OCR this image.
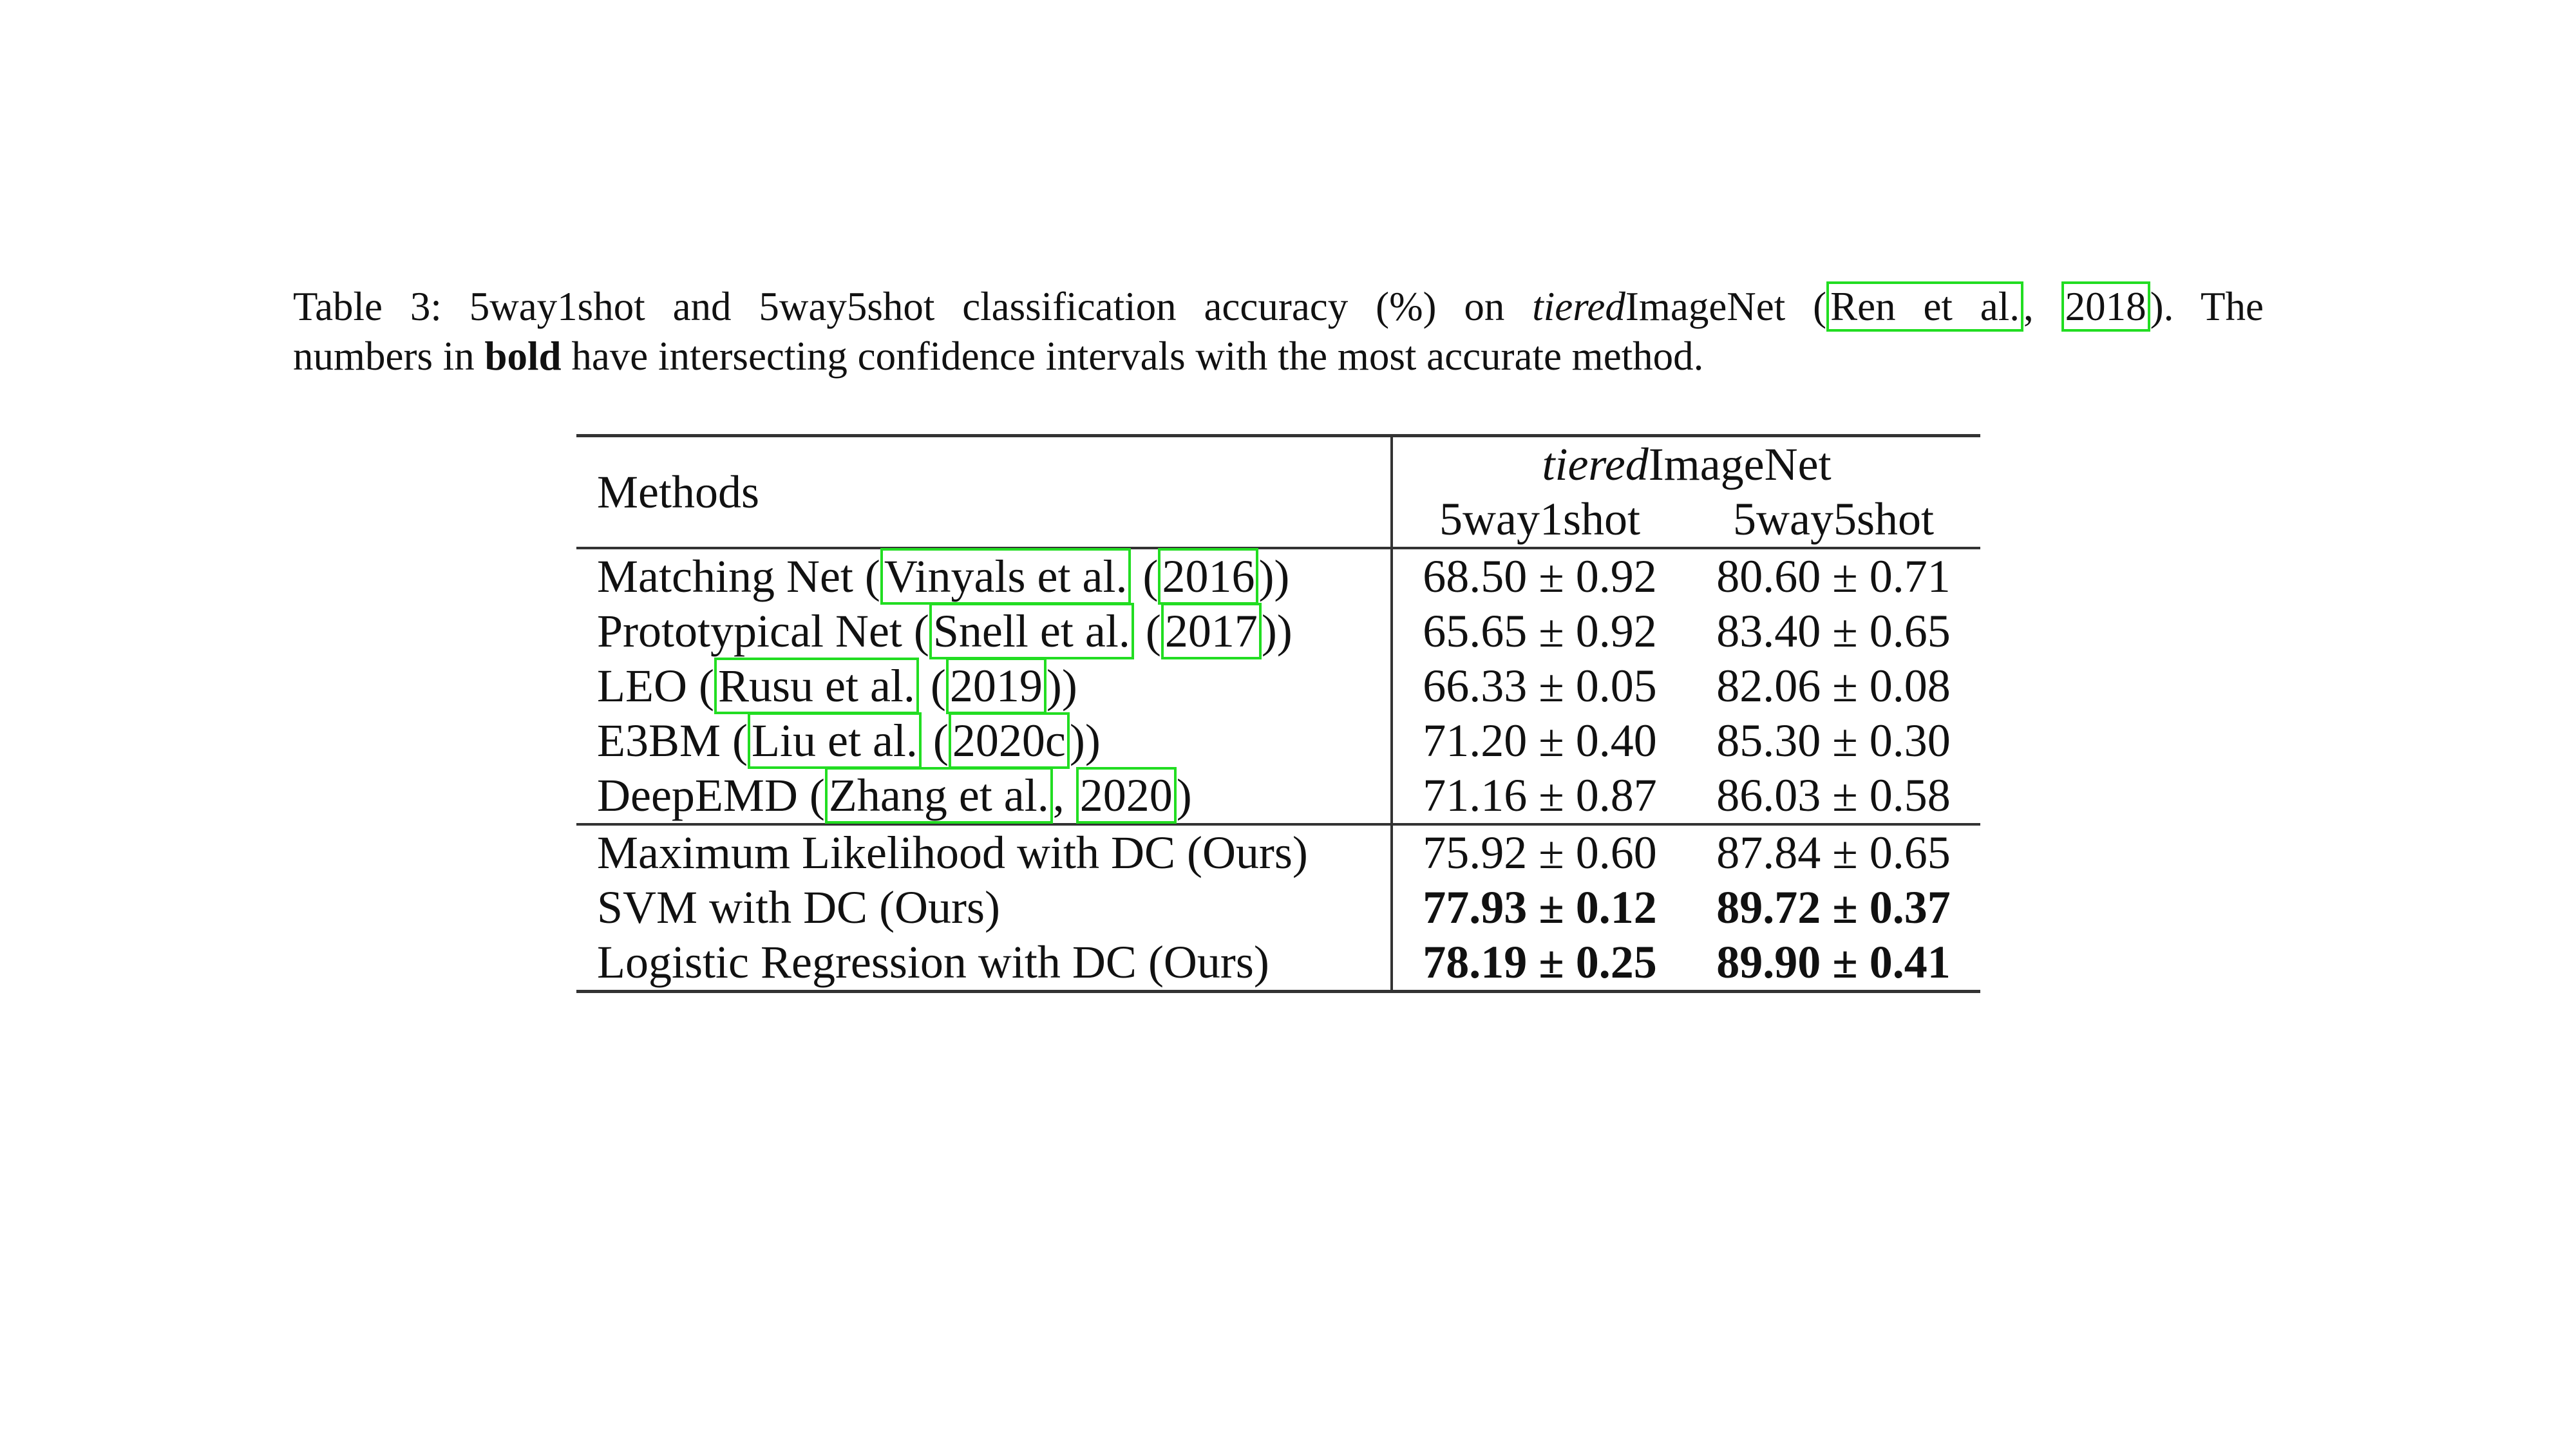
Table 3: 5way1shot and 5way5shot classification accuracy (%) on tieredImageNet (Ren et al., 2018). The
numbers in bold have intersecting confidence intervals with the most accurate method.
Methods	tieredImageNet	
	5way1shot	5way5shot
Matching Net (Vinyals et al. (2016))	68.50 ± 0.92	80.60 ± 0.71
Prototypical Net (Snell et al. (2017))	65.65 ± 0.92	83.40 ± 0.65
LEO (Rusu et al. (2019))	66.33 ± 0.05	82.06 ± 0.08
E3BM (Liu et al. (2020c))	71.20 ± 0.40	85.30 ± 0.30
DeepEMD (Zhang et al., 2020)	71.16 ± 0.87	86.03 ± 0.58
Maximum Likelihood with DC (Ours)	75.92 ± 0.60	87.84 ± 0.65
SVM with DC (Ours)	77.93 ± 0.12	89.72 ± 0.37
Logistic Regression with DC (Ours)	78.19 ± 0.25	89.90 ± 0.41
